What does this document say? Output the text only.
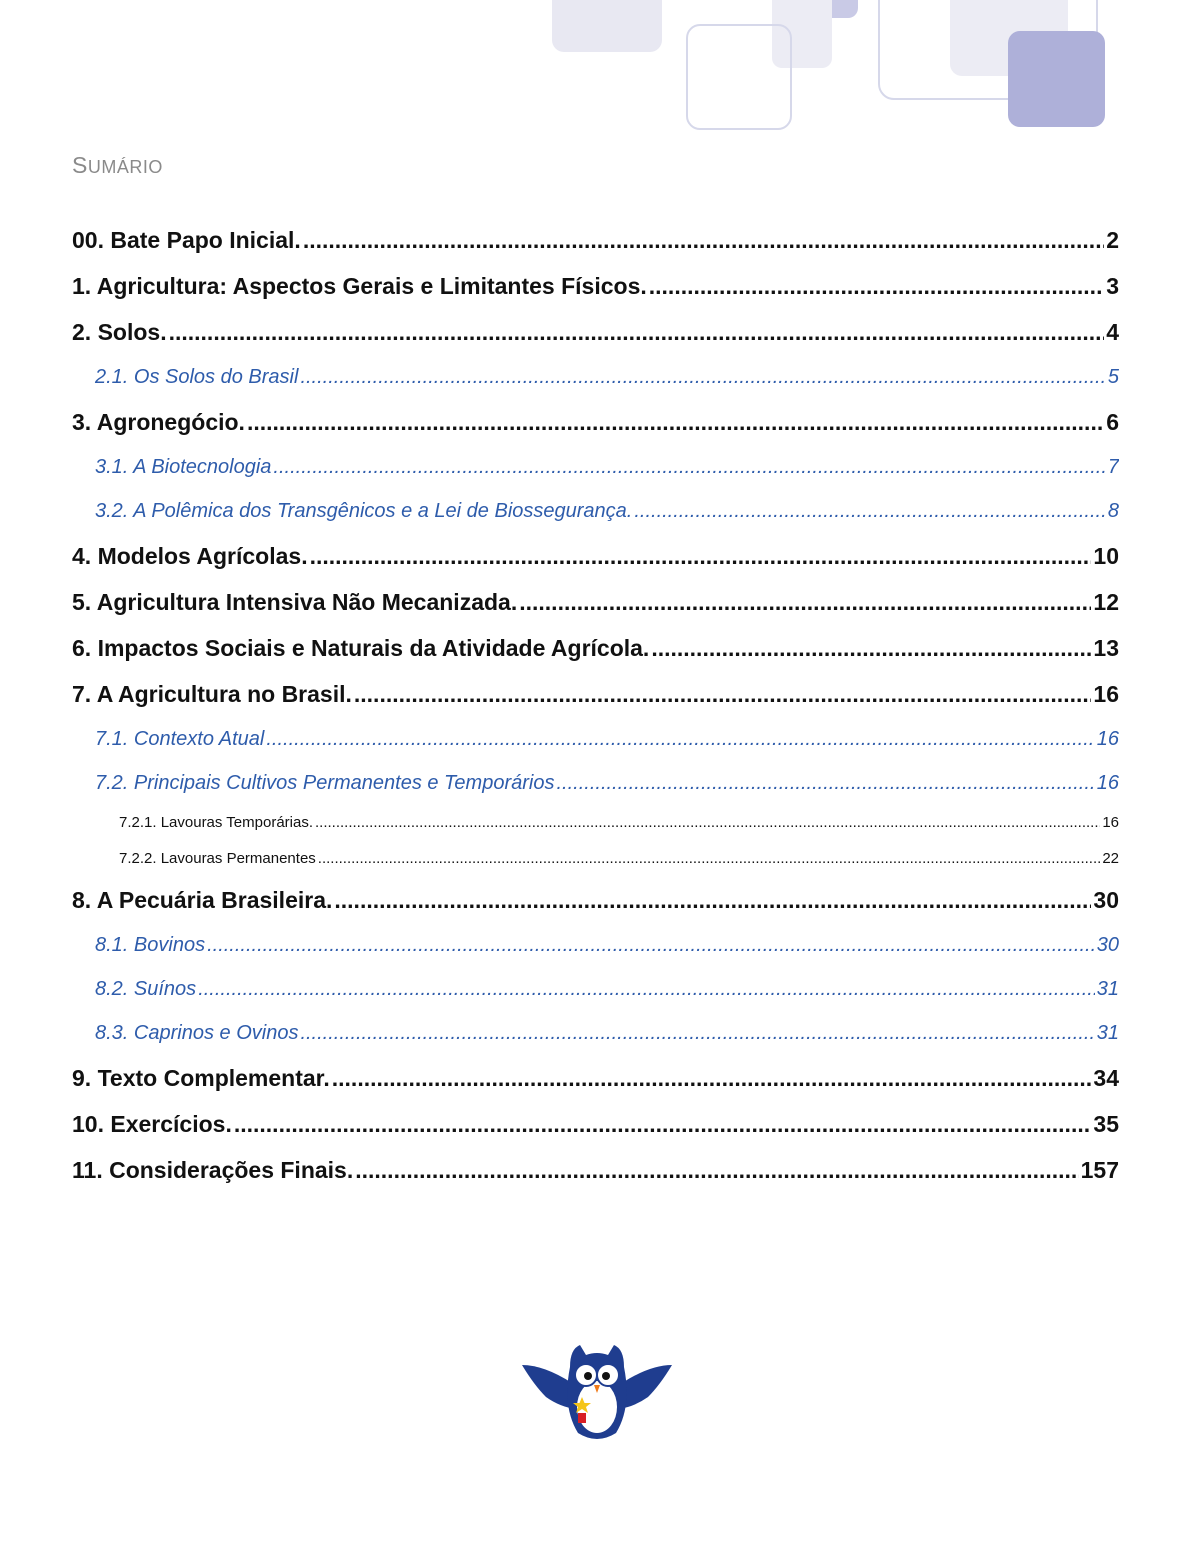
SUMÁRIO
00. Bate Papo Inicial. .....	2
1. Agricultura: Aspectos Gerais e Limitantes Físicos. .....	3
2. Solos. .....	4
2.1. Os Solos do Brasil .....	5
3. Agronegócio. .....	6
3.1. A Biotecnologia .....	7
3.2. A Polêmica dos Transgênicos e a Lei de Biossegurança. .....	8
4. Modelos Agrícolas. .....	10
5. Agricultura Intensiva Não Mecanizada. .....	12
6. Impactos Sociais e Naturais da Atividade Agrícola. .....	13
7. A Agricultura no Brasil. .....	16
7.1. Contexto Atual .....	16
7.2. Principais Cultivos Permanentes e Temporários .....	16
7.2.1. Lavouras Temporárias. .....	16
7.2.2. Lavouras Permanentes .....	22
8. A Pecuária Brasileira. .....	30
8.1. Bovinos .....	30
8.2. Suínos .....	31
8.3. Caprinos e Ovinos .....	31
9. Texto Complementar. .....	34
10. Exercícios. .....	35
11. Considerações Finais. .....	157
